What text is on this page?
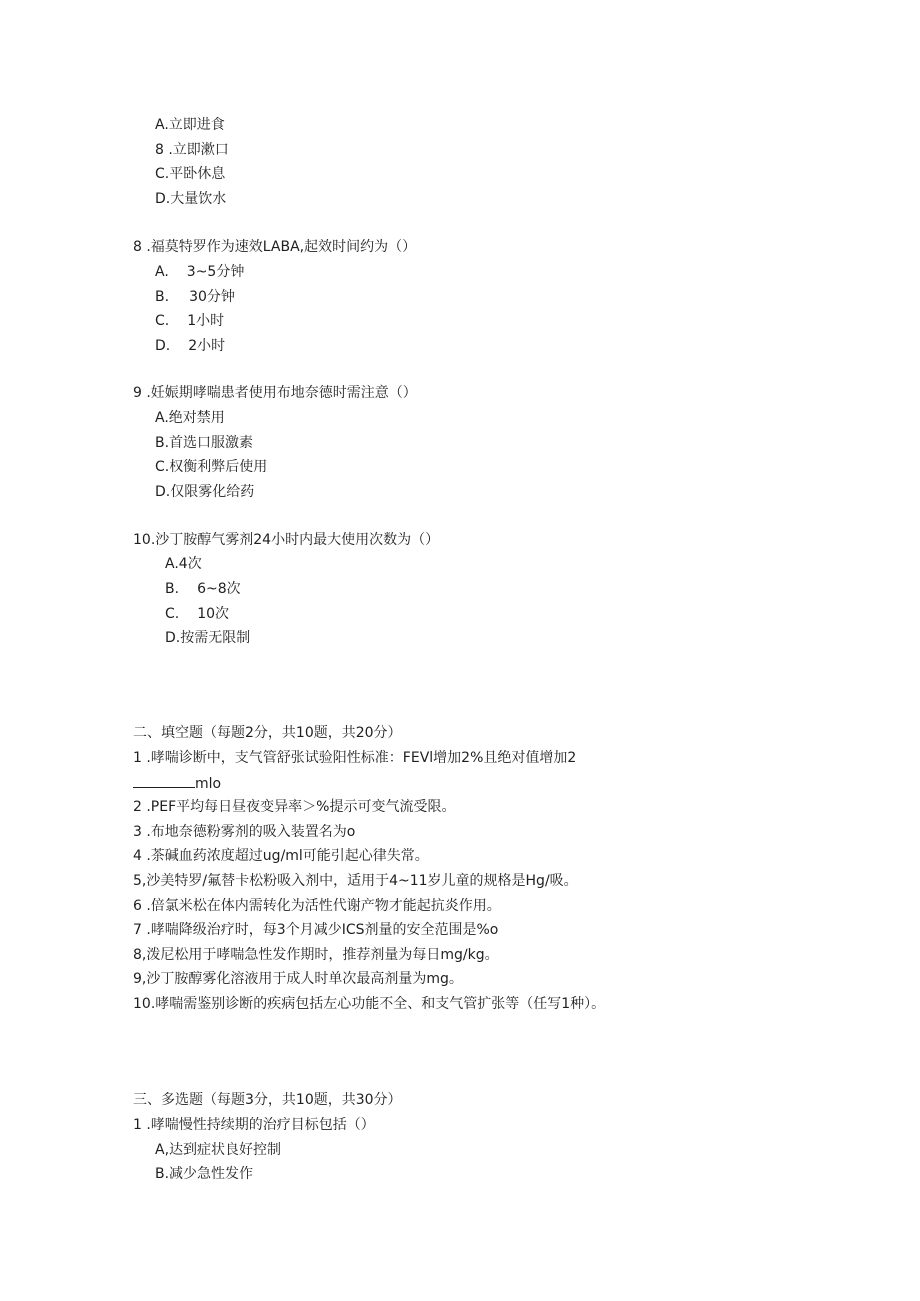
A.立即进食
8 .立即漱口
C.平卧休息
D.大量饮水
8 .福莫特罗作为速效LABA,起效时间约为（）
A. 3~5分钟
B. 30分钟
C. 1小时
D. 2小时
9 .妊娠期哮喘患者使用布地奈德时需注意（）
A.绝对禁用
B.首选口服激素
C.权衡利弊后使用
D.仅限雾化给药
10.沙丁胺醇气雾剂24小时内最大使用次数为（）
A.4次
B. 6~8次
C. 10次
D.按需无限制
二、填空题（每题2分，共10题，共20分）
1 .哮喘诊断中，支气管舒张试验阳性标准：FEVl增加2%且绝对值增加2
mlo
2 .PEF平均每日昼夜变异率＞%提示可变气流受限。
3 .布地奈德粉雾剂的吸入装置名为o
4 .茶碱血药浓度超过ug/ml可能引起心律失常。
5,沙美特罗/氟替卡松粉吸入剂中，适用于4~11岁儿童的规格是Hg/吸。
6 .倍氯米松在体内需转化为活性代谢产物才能起抗炎作用。
7 .哮喘降级治疗时，每3个月减少ICS剂量的安全范围是%o
8,泼尼松用于哮喘急性发作期时，推荐剂量为每日mg∕kg。
9,沙丁胺醇雾化溶液用于成人时单次最高剂量为mg。
10.哮喘需鉴别诊断的疾病包括左心功能不全、和支气管扩张等（任写1种）。
三、多选题（每题3分，共10题，共30分）
1 .哮喘慢性持续期的治疗目标包括（）
A,达到症状良好控制
B.减少急性发作
